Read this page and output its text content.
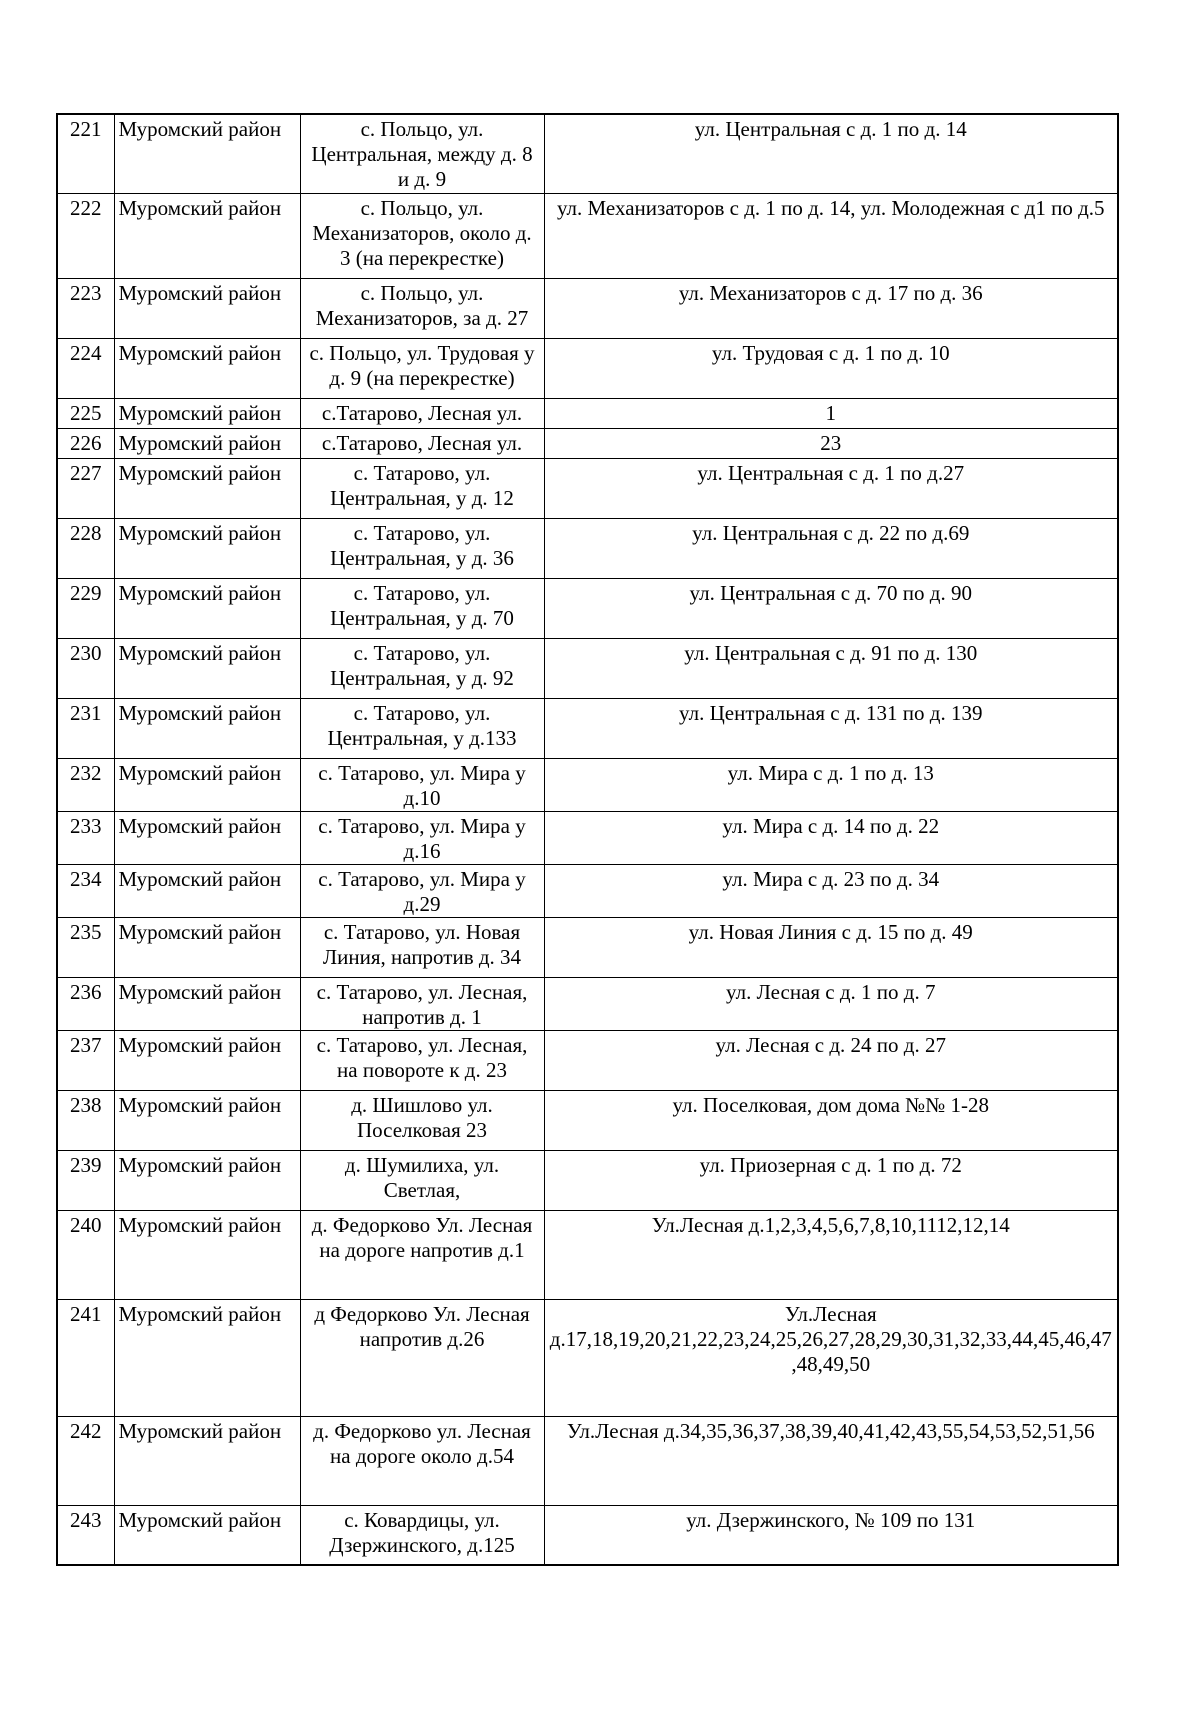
221	Муромский район	с. Польцо, ул. Центральная, между д. 8 и д. 9	ул. Центральная с д. 1 по д. 14
222	Муромский район	с. Польцо, ул. Механизаторов, около д. 3 (на перекрестке)	ул. Механизаторов с д. 1 по д. 14, ул. Молодежная с д1 по д.5
223	Муромский район	с. Польцо, ул. Механизаторов, за д. 27	ул. Механизаторов с д. 17 по д. 36
224	Муромский район	с. Польцо, ул. Трудовая у д. 9 (на перекрестке)	ул. Трудовая с д. 1 по д. 10
225	Муромский район	с.Татарово, Лесная ул.	1
226	Муромский район	с.Татарово, Лесная ул.	23
227	Муромский район	с. Татарово, ул. Центральная, у д. 12	ул. Центральная с д. 1 по д.27
228	Муромский район	с. Татарово, ул. Центральная, у д. 36	ул. Центральная с д. 22 по д.69
229	Муромский район	с. Татарово, ул. Центральная, у д. 70	ул. Центральная с д. 70 по д. 90
230	Муромский район	с. Татарово, ул. Центральная, у д. 92	ул. Центральная с д. 91 по д. 130
231	Муромский район	с. Татарово, ул. Центральная, у д.133	ул. Центральная с д. 131 по д. 139
232	Муромский район	с. Татарово, ул. Мира у д.10	ул. Мира с д. 1 по д. 13
233	Муромский район	с. Татарово, ул. Мира у д.16	ул. Мира с д. 14 по д. 22
234	Муромский район	с. Татарово, ул. Мира у д.29	ул. Мира с д. 23 по д. 34
235	Муромский район	с. Татарово, ул. Новая Линия, напротив д. 34	ул. Новая Линия с д. 15 по д. 49
236	Муромский район	с. Татарово, ул. Лесная, напротив д. 1	ул. Лесная с д. 1 по д. 7
237	Муромский район	с. Татарово, ул. Лесная, на повороте к д. 23	ул. Лесная с д. 24 по д. 27
238	Муромский район	д. Шишлово ул. Поселковая 23	ул. Поселковая, дом дома №№ 1-28
239	Муромский район	д. Шумилиха, ул. Светлая,	ул. Приозерная с д. 1 по д. 72
240	Муромский район	д. Федорково Ул. Лесная на дороге напротив д.1	Ул.Лесная д.1,2,3,4,5,6,7,8,10,1112,12,14
241	Муромский район	д Федорково Ул. Лесная напротив д.26	Ул.Лесная д.17,18,19,20,21,22,23,24,25,26,27,28,29,30,31,32,33,44,45,46,47,48,49,50
242	Муромский район	д. Федорково ул. Лесная на дороге около д.54	Ул.Лесная д.34,35,36,37,38,39,40,41,42,43,55,54,53,52,51,56
243	Муромский район	с. Ковардицы, ул. Дзержинского, д.125	ул. Дзержинского, № 109 по 131
